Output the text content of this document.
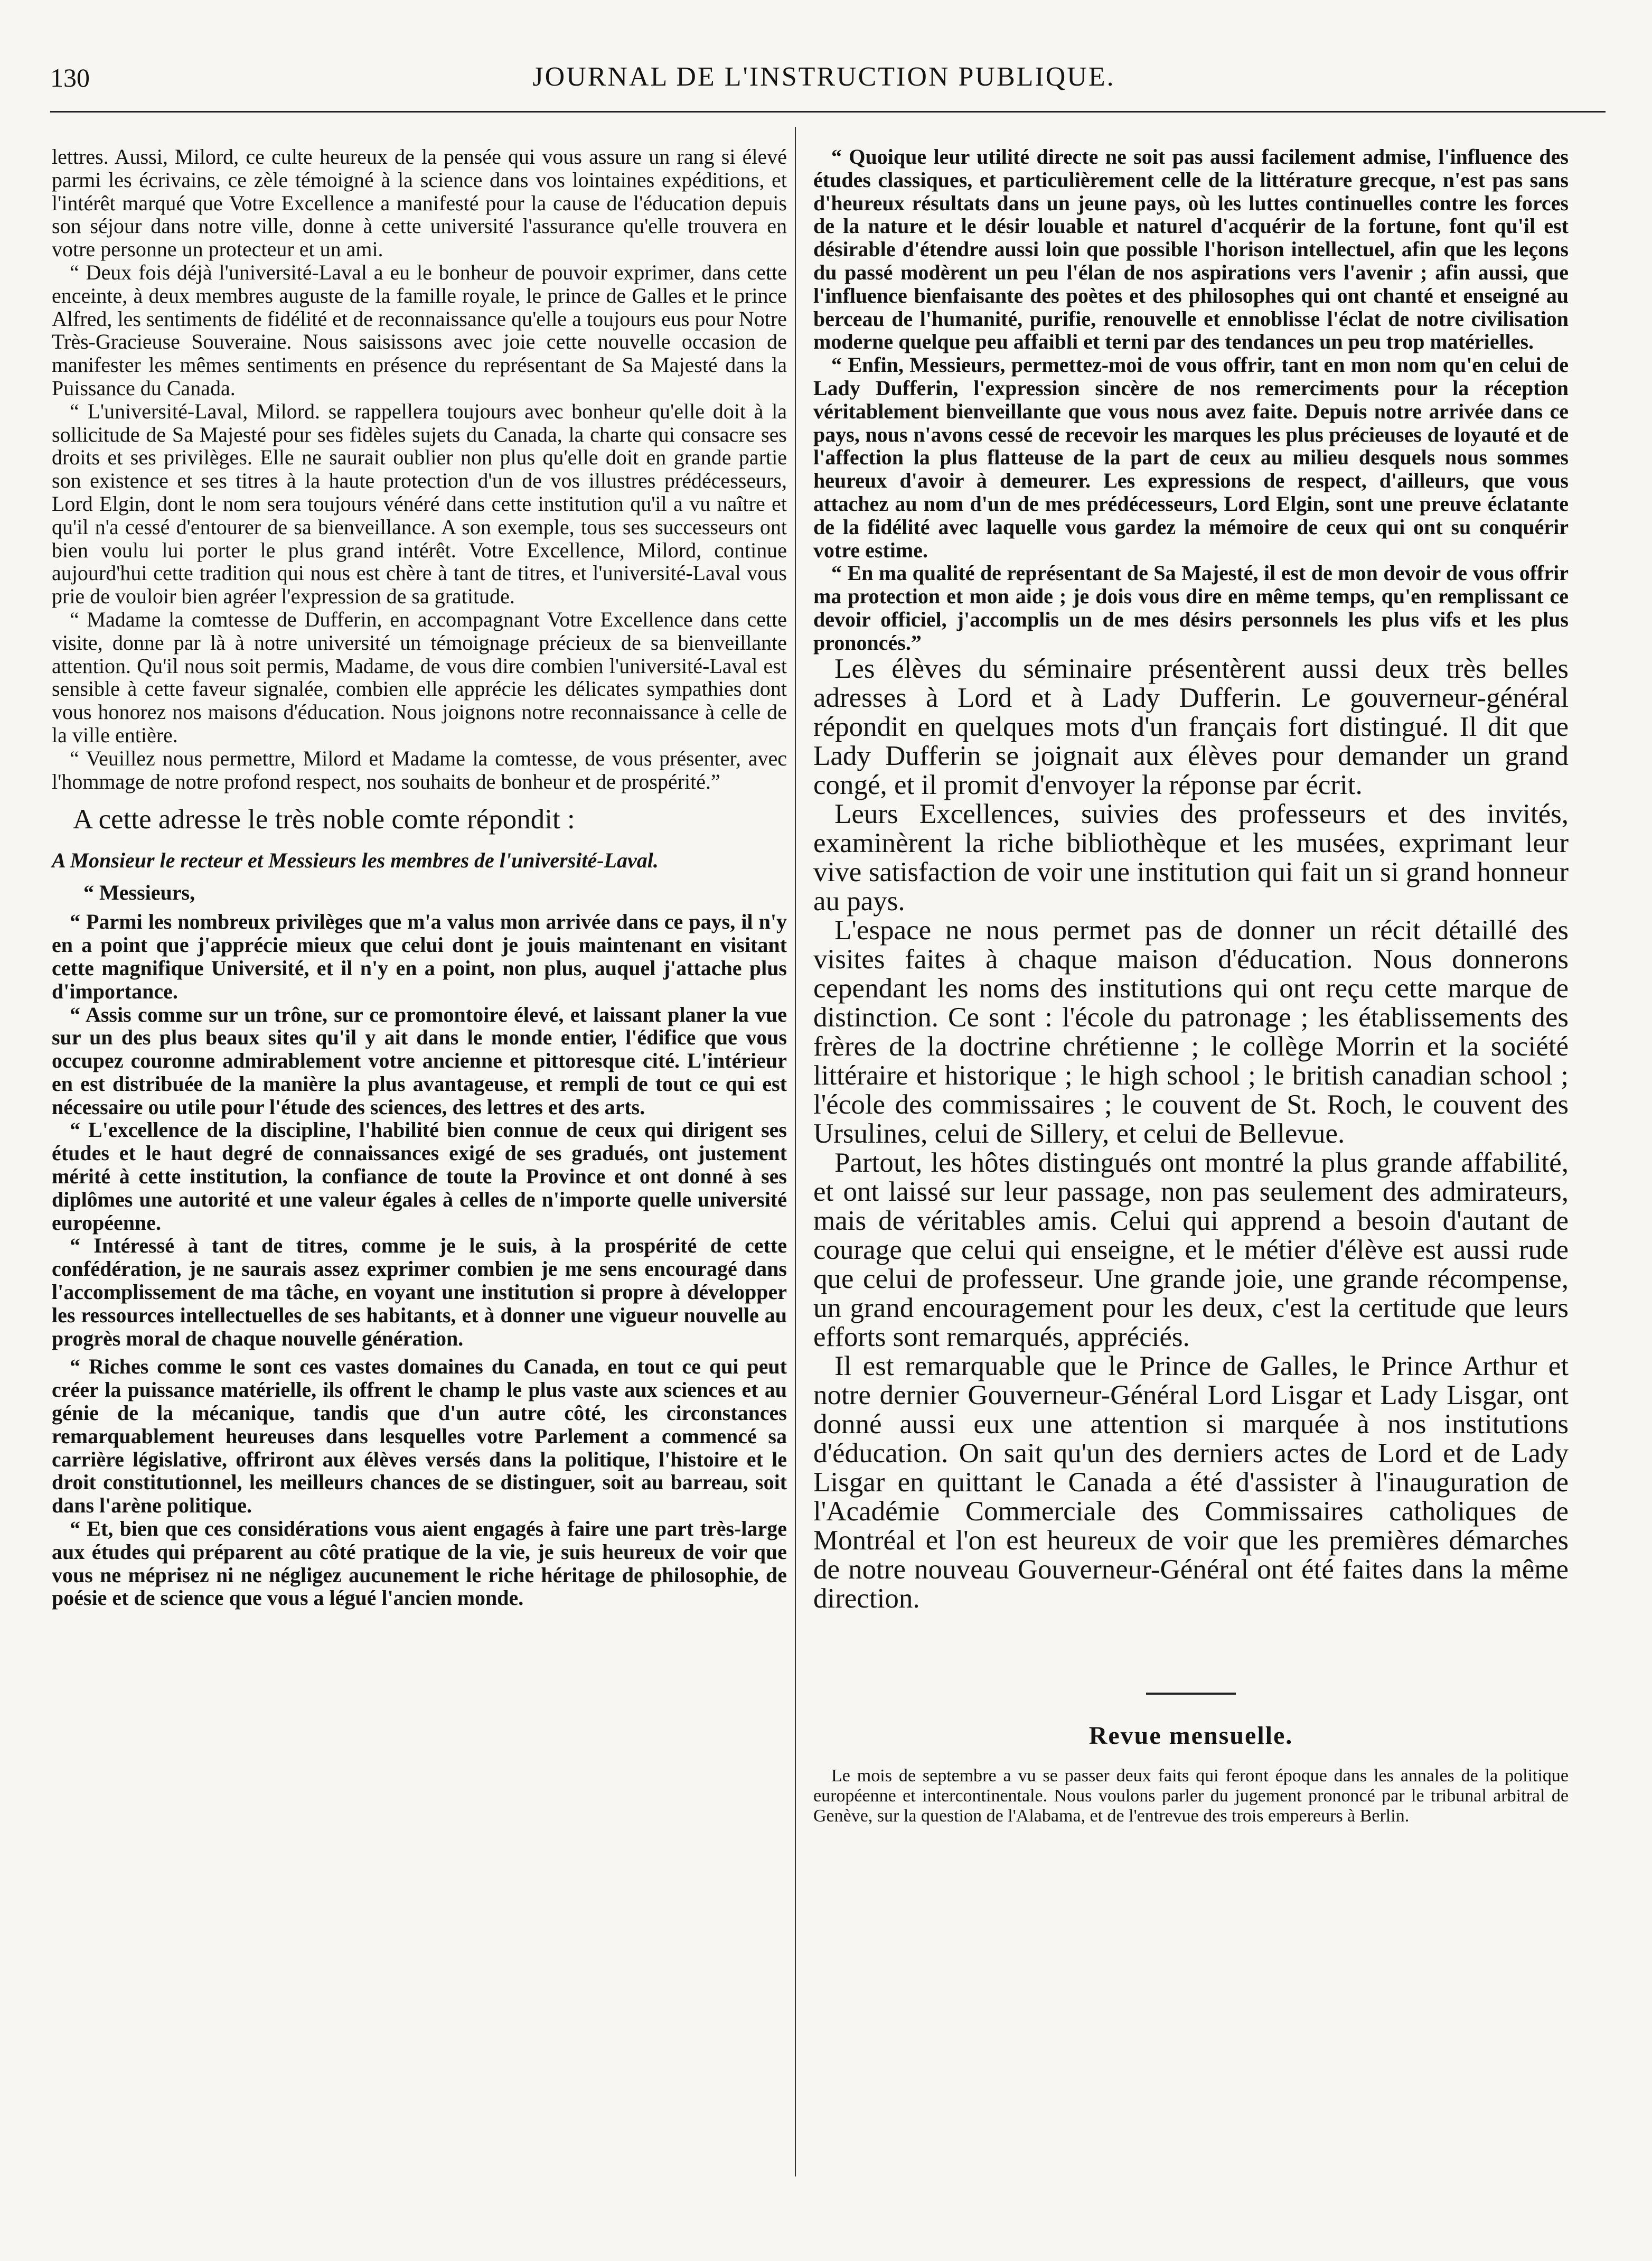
130	JOURNAL DE L'INSTRUCTION PUBLIQUE.

lettres. Aussi, Milord, ce culte heureux de la pensée qui vous assure un rang si élevé parmi les écrivains, ce zèle témoigné à la science dans vos lointaines expéditions, et l'intérêt marqué que Votre Excellence a manifesté pour la cause de l'éducation depuis son séjour dans notre ville, donne à cette université l'assurance qu'elle trouvera en votre personne un protecteur et un ami.

“ Deux fois déjà l'université-Laval a eu le bonheur de pouvoir exprimer, dans cette enceinte, à deux membres auguste de la famille royale, le prince de Galles et le prince Alfred, les sentiments de fidélité et de reconnaissance qu'elle a toujours eus pour Notre Très-Gracieuse Souveraine. Nous saisissons avec joie cette nouvelle occasion de manifester les mêmes sentiments en présence du représentant de Sa Majesté dans la Puissance du Canada.

“ L'université-Laval, Milord. se rappellera toujours avec bonheur qu'elle doit à la sollicitude de Sa Majesté pour ses fidèles sujets du Canada, la charte qui consacre ses droits et ses privilèges. Elle ne saurait oublier non plus qu'elle doit en grande partie son existence et ses titres à la haute protection d'un de vos illustres prédécesseurs, Lord Elgin, dont le nom sera toujours vénéré dans cette institution qu'il a vu naître et qu'il n'a cessé d'entourer de sa bienveillance. A son exemple, tous ses successeurs ont bien voulu lui porter le plus grand intérêt. Votre Excellence, Milord, continue aujourd'hui cette tradition qui nous est chère à tant de titres, et l'université-Laval vous prie de vouloir bien agréer l'expression de sa gratitude.

“ Madame la comtesse de Dufferin, en accompagnant Votre Excellence dans cette visite, donne par là à notre université un témoignage précieux de sa bienveillante attention. Qu'il nous soit permis, Madame, de vous dire combien l'université-Laval est sensible à cette faveur signalée, combien elle apprécie les délicates sympathies dont vous honorez nos maisons d'éducation. Nous joignons notre reconnaissance à celle de la ville entière.

“ Veuillez nous permettre, Milord et Madame la comtesse, de vous présenter, avec l'hommage de notre profond respect, nos souhaits de bonheur et de prospérité.”

A cette adresse le très noble comte répondit :

A Monsieur le recteur et Messieurs les membres de l'université-Laval.

“ Messieurs,

“ Parmi les nombreux privilèges que m'a valus mon arrivée dans ce pays, il n'y en a point que j'apprécie mieux que celui dont je jouis maintenant en visitant cette magnifique Université, et il n'y en a point, non plus, auquel j'attache plus d'importance.

“ Assis comme sur un trône, sur ce promontoire élevé, et laissant planer la vue sur un des plus beaux sites qu'il y ait dans le monde entier, l'édifice que vous occupez couronne admirablement votre ancienne et pittoresque cité. L'intérieur en est distribuée de la manière la plus avantageuse, et rempli de tout ce qui est nécessaire ou utile pour l'étude des sciences, des lettres et des arts.

“ L'excellence de la discipline, l'habilité bien connue de ceux qui dirigent ses études et le haut degré de connaissances exigé de ses gradués, ont justement mérité à cette institution, la confiance de toute la Province et ont donné à ses diplômes une autorité et une valeur égales à celles de n'importe quelle université européenne.

“ Intéressé à tant de titres, comme je le suis, à la prospérité de cette confédération, je ne saurais assez exprimer combien je me sens encouragé dans l'accomplissement de ma tâche, en voyant une institution si propre à développer les ressources intellectuelles de ses habitants, et à donner une vigueur nouvelle au progrès moral de chaque nouvelle génération.

“ Riches comme le sont ces vastes domaines du Canada, en tout ce qui peut créer la puissance matérielle, ils offrent le champ le plus vaste aux sciences et au génie de la mécanique, tandis que d'un autre côté, les circonstances remarquablement heureuses dans lesquelles votre Parlement a commencé sa carrière législative, offriront aux élèves versés dans la politique, l'histoire et le droit constitutionnel, les meilleurs chances de se distinguer, soit au barreau, soit dans l'arène politique.

“ Et, bien que ces considérations vous aient engagés à faire une part très-large aux études qui préparent au côté pratique de la vie, je suis heureux de voir que vous ne méprisez ni ne négligez aucunement le riche héritage de philosophie, de poésie et de science que vous a légué l'ancien monde.

“ Quoique leur utilité directe ne soit pas aussi facilement admise, l'influence des études classiques, et particulièrement celle de la littérature grecque, n'est pas sans d'heureux résultats dans un jeune pays, où les luttes continuelles contre les forces de la nature et le désir louable et naturel d'acquérir de la fortune, font qu'il est désirable d'étendre aussi loin que possible l'horison intellectuel, afin que les leçons du passé modèrent un peu l'élan de nos aspirations vers l'avenir ; afin aussi, que l'influence bienfaisante des poètes et des philosophes qui ont chanté et enseigné au berceau de l'humanité, purifie, renouvelle et ennoblisse l'éclat de notre civilisation moderne quelque peu affaibli et terni par des tendances un peu trop matérielles.

“ Enfin, Messieurs, permettez-moi de vous offrir, tant en mon nom qu'en celui de Lady Dufferin, l'expression sincère de nos remerciments pour la réception véritablement bienveillante que vous nous avez faite. Depuis notre arrivée dans ce pays, nous n'avons cessé de recevoir les marques les plus précieuses de loyauté et de l'affection la plus flatteuse de la part de ceux au milieu desquels nous sommes heureux d'avoir à demeurer. Les expressions de respect, d'ailleurs, que vous attachez au nom d'un de mes prédécesseurs, Lord Elgin, sont une preuve éclatante de la fidélité avec laquelle vous gardez la mémoire de ceux qui ont su conquérir votre estime.

“ En ma qualité de représentant de Sa Majesté, il est de mon devoir de vous offrir ma protection et mon aide ; je dois vous dire en même temps, qu'en remplissant ce devoir officiel, j'accomplis un de mes désirs personnels les plus vifs et les plus prononcés.”

Les élèves du séminaire présentèrent aussi deux très belles adresses à Lord et à Lady Dufferin. Le gouverneur-général répondit en quelques mots d'un français fort distingué. Il dit que Lady Dufferin se joignait aux élèves pour demander un grand congé, et il promit d'envoyer la réponse par écrit.

Leurs Excellences, suivies des professeurs et des invités, examinèrent la riche bibliothèque et les musées, exprimant leur vive satisfaction de voir une institution qui fait un si grand honneur au pays.

L'espace ne nous permet pas de donner un récit détaillé des visites faites à chaque maison d'éducation. Nous donnerons cependant les noms des institutions qui ont reçu cette marque de distinction. Ce sont : l'école du patronage ; les établissements des frères de la doctrine chrétienne ; le collège Morrin et la société littéraire et historique ; le high school ; le british canadian school ; l'école des commissaires ; le couvent de St. Roch, le couvent des Ursulines, celui de Sillery, et celui de Bellevue.

Partout, les hôtes distingués ont montré la plus grande affabilité, et ont laissé sur leur passage, non pas seulement des admirateurs, mais de véritables amis. Celui qui apprend a besoin d'autant de courage que celui qui enseigne, et le métier d'élève est aussi rude que celui de professeur. Une grande joie, une grande récompense, un grand encouragement pour les deux, c'est la certitude que leurs efforts sont remarqués, appréciés.

Il est remarquable que le Prince de Galles, le Prince Arthur et notre dernier Gouverneur-Général Lord Lisgar et Lady Lisgar, ont donné aussi eux une attention si marquée à nos institutions d'éducation. On sait qu'un des derniers actes de Lord et de Lady Lisgar en quittant le Canada a été d'assister à l'inauguration de l'Académie Commerciale des Commissaires catholiques de Montréal et l'on est heureux de voir que les premières démarches de notre nouveau Gouverneur-Général ont été faites dans la même direction.

Revue mensuelle.

Le mois de septembre a vu se passer deux faits qui feront époque dans les annales de la politique européenne et intercontinentale. Nous voulons parler du jugement prononcé par le tribunal arbitral de Genève, sur la question de l'Alabama, et de l'entrevue des trois empereurs à Berlin.
